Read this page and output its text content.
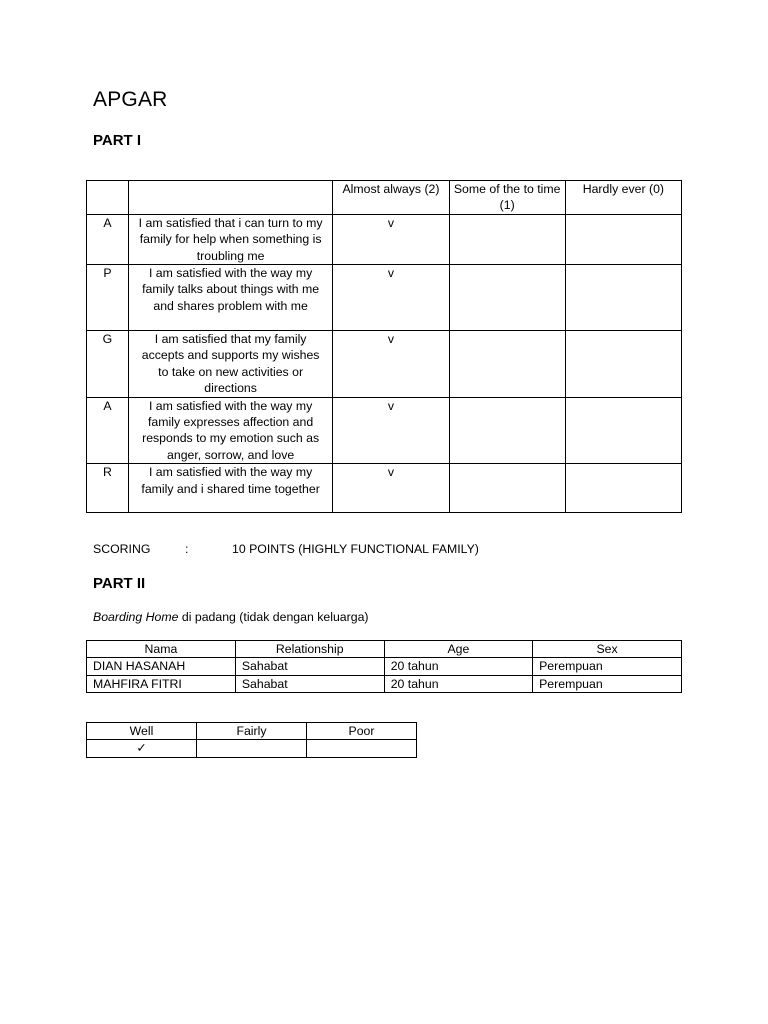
APGAR
PART I
		Almost always (2)	Some of the to time (1)	Hardly ever (0)
A	I am satisfied that i can turn to my family for help when something is troubling me	v		
P	I am satisfied with the way my family talks about things with me and shares problem with me	v		
G	I am satisfied that my family accepts and supports my wishes to take on new activities or directions	v		
A	I am satisfied with the way my family expresses affection and responds to my emotion such as anger, sorrow, and love	v		
R	I am satisfied with the way my family and i shared time together	v		
SCORING	:	10 POINTS (HIGHLY FUNCTIONAL FAMILY)
PART II
Boarding Home di padang (tidak dengan keluarga)
Nama	Relationship	Age	Sex
DIAN HASANAH	Sahabat	20 tahun	Perempuan
MAHFIRA FITRI	Sahabat	20 tahun	Perempuan
Well	Fairly	Poor
✓		
